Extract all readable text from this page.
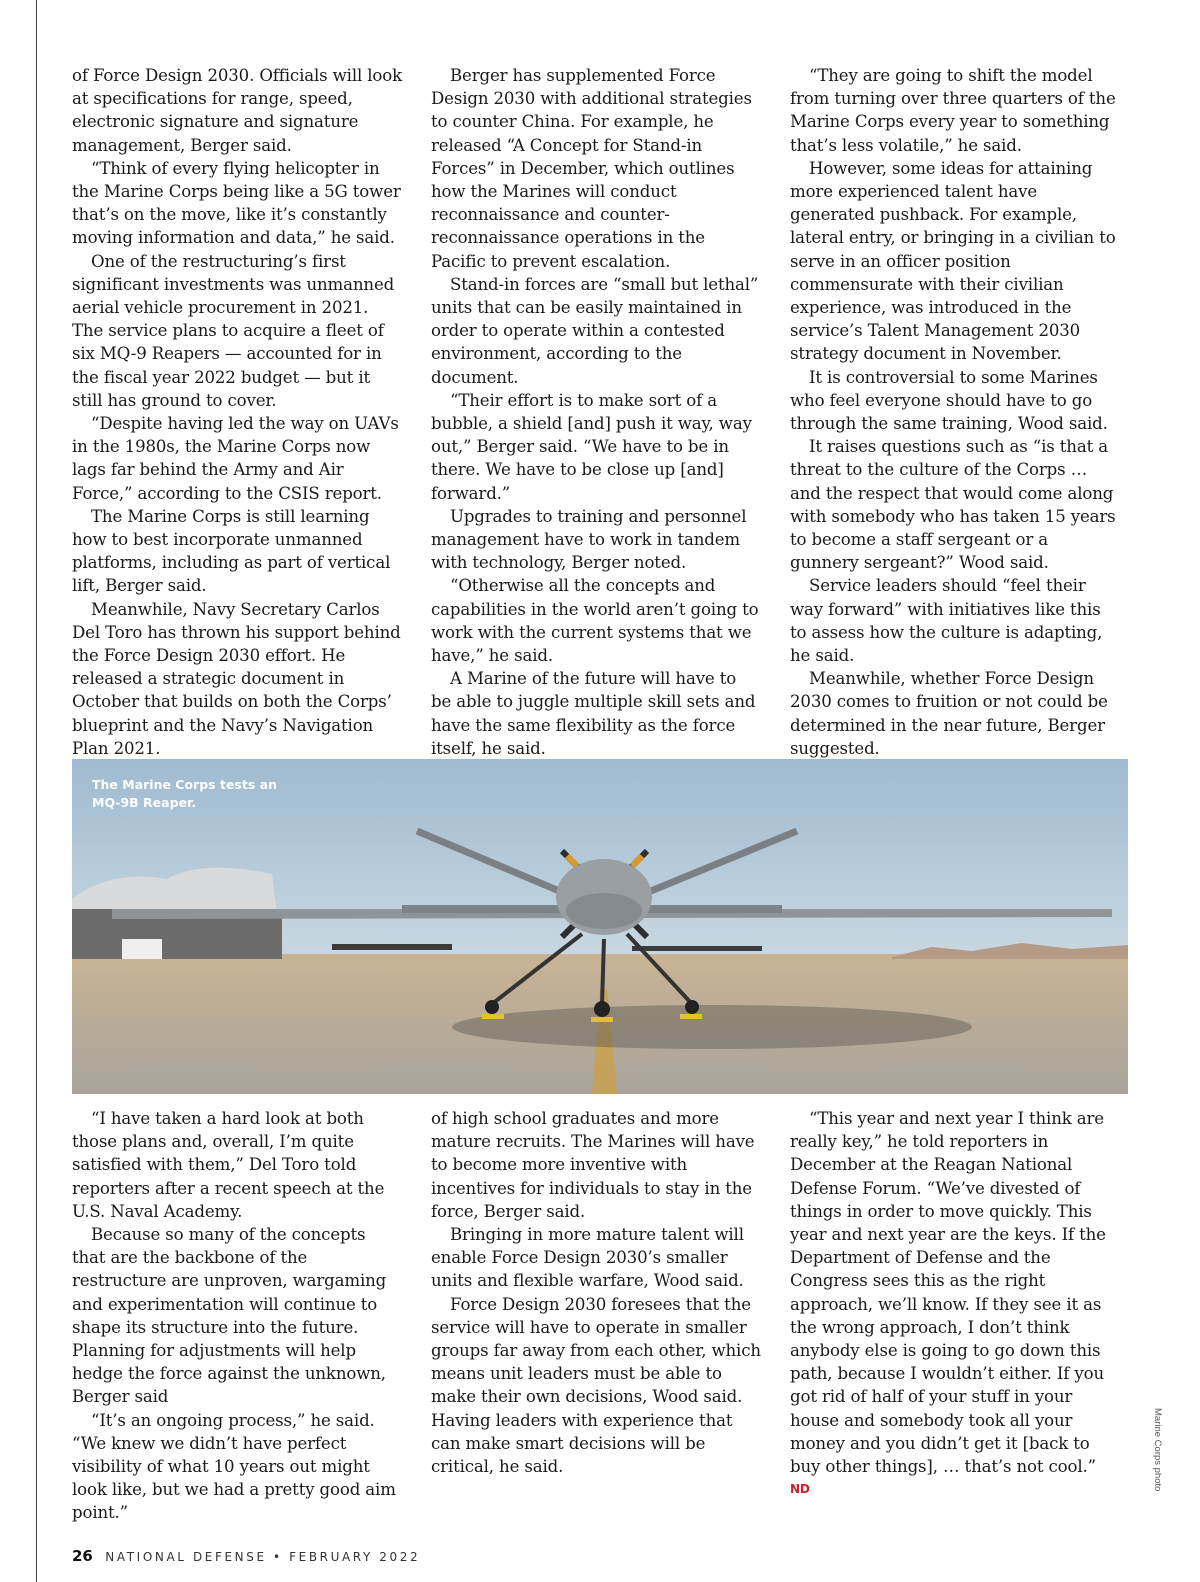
of Force Design 2030. Officials will look at specifications for range, speed, electronic signature and signature management, Berger said.

“Think of every flying helicopter in the Marine Corps being like a 5G tower that’s on the move, like it’s constantly moving information and data,” he said.

One of the restructuring’s first significant investments was unmanned aerial vehicle procurement in 2021. The service plans to acquire a fleet of six MQ-9 Reapers — accounted for in the fiscal year 2022 budget — but it still has ground to cover.

“Despite having led the way on UAVs in the 1980s, the Marine Corps now lags far behind the Army and Air Force,” according to the CSIS report.

The Marine Corps is still learning how to best incorporate unmanned platforms, including as part of vertical lift, Berger said.

Meanwhile, Navy Secretary Carlos Del Toro has thrown his support behind the Force Design 2030 effort. He released a strategic document in October that builds on both the Corps’ blueprint and the Navy’s Navigation Plan 2021.

Berger has supplemented Force Design 2030 with additional strategies to counter China. For example, he released “A Concept for Stand-in Forces” in December, which outlines how the Marines will conduct reconnaissance and counter-reconnaissance operations in the Pacific to prevent escalation.

Stand-in forces are “small but lethal” units that can be easily maintained in order to operate within a contested environment, according to the document.

“Their effort is to make sort of a bubble, a shield [and] push it way, way out,” Berger said. “We have to be in there. We have to be close up [and] forward.”

Upgrades to training and personnel management have to work in tandem with technology, Berger noted.

“Otherwise all the concepts and capabilities in the world aren’t going to work with the current systems that we have,” he said.

A Marine of the future will have to be able to juggle multiple skill sets and have the same flexibility as the force itself, he said.

“They are going to shift the model from turning over three quarters of the Marine Corps every year to something that’s less volatile,” he said.

However, some ideas for attaining more experienced talent have generated pushback. For example, lateral entry, or bringing in a civilian to serve in an officer position commensurate with their civilian experience, was introduced in the service’s Talent Management 2030 strategy document in November.

It is controversial to some Marines who feel everyone should have to go through the same training, Wood said.

It raises questions such as “is that a threat to the culture of the Corps … and the respect that would come along with somebody who has taken 15 years to become a staff sergeant or a gunnery sergeant?” Wood said.

Service leaders should “feel their way forward” with initiatives like this to assess how the culture is adapting, he said.

Meanwhile, whether Force Design 2030 comes to fruition or not could be determined in the near future, Berger suggested.

The Marine Corps tests an MQ-9B Reaper.

“I have taken a hard look at both those plans and, overall, I’m quite satisfied with them,” Del Toro told reporters after a recent speech at the U.S. Naval Academy.

Because so many of the concepts that are the backbone of the restructure are unproven, wargaming and experimentation will continue to shape its structure into the future. Planning for adjustments will help hedge the force against the unknown, Berger said

“It’s an ongoing process,” he said. “We knew we didn’t have perfect visibility of what 10 years out might look like, but we had a pretty good aim point.”

of high school graduates and more mature recruits. The Marines will have to become more inventive with incentives for individuals to stay in the force, Berger said.

Bringing in more mature talent will enable Force Design 2030’s smaller units and flexible warfare, Wood said.

Force Design 2030 foresees that the service will have to operate in smaller groups far away from each other, which means unit leaders must be able to make their own decisions, Wood said. Having leaders with experience that can make smart decisions will be critical, he said.

“This year and next year I think are really key,” he told reporters in December at the Reagan National Defense Forum. “We’ve divested of things in order to move quickly. This year and next year are the keys. If the Department of Defense and the Congress sees this as the right approach, we’ll know. If they see it as the wrong approach, I don’t think anybody else is going to go down this path, because I wouldn’t either. If you got rid of half of your stuff in your house and somebody took all your money and you didn’t get it [back to buy other things], … that’s not cool.”

ND	Marine Corps photo
26 NATIONAL DEFENSE • FEBRUARY 2022
